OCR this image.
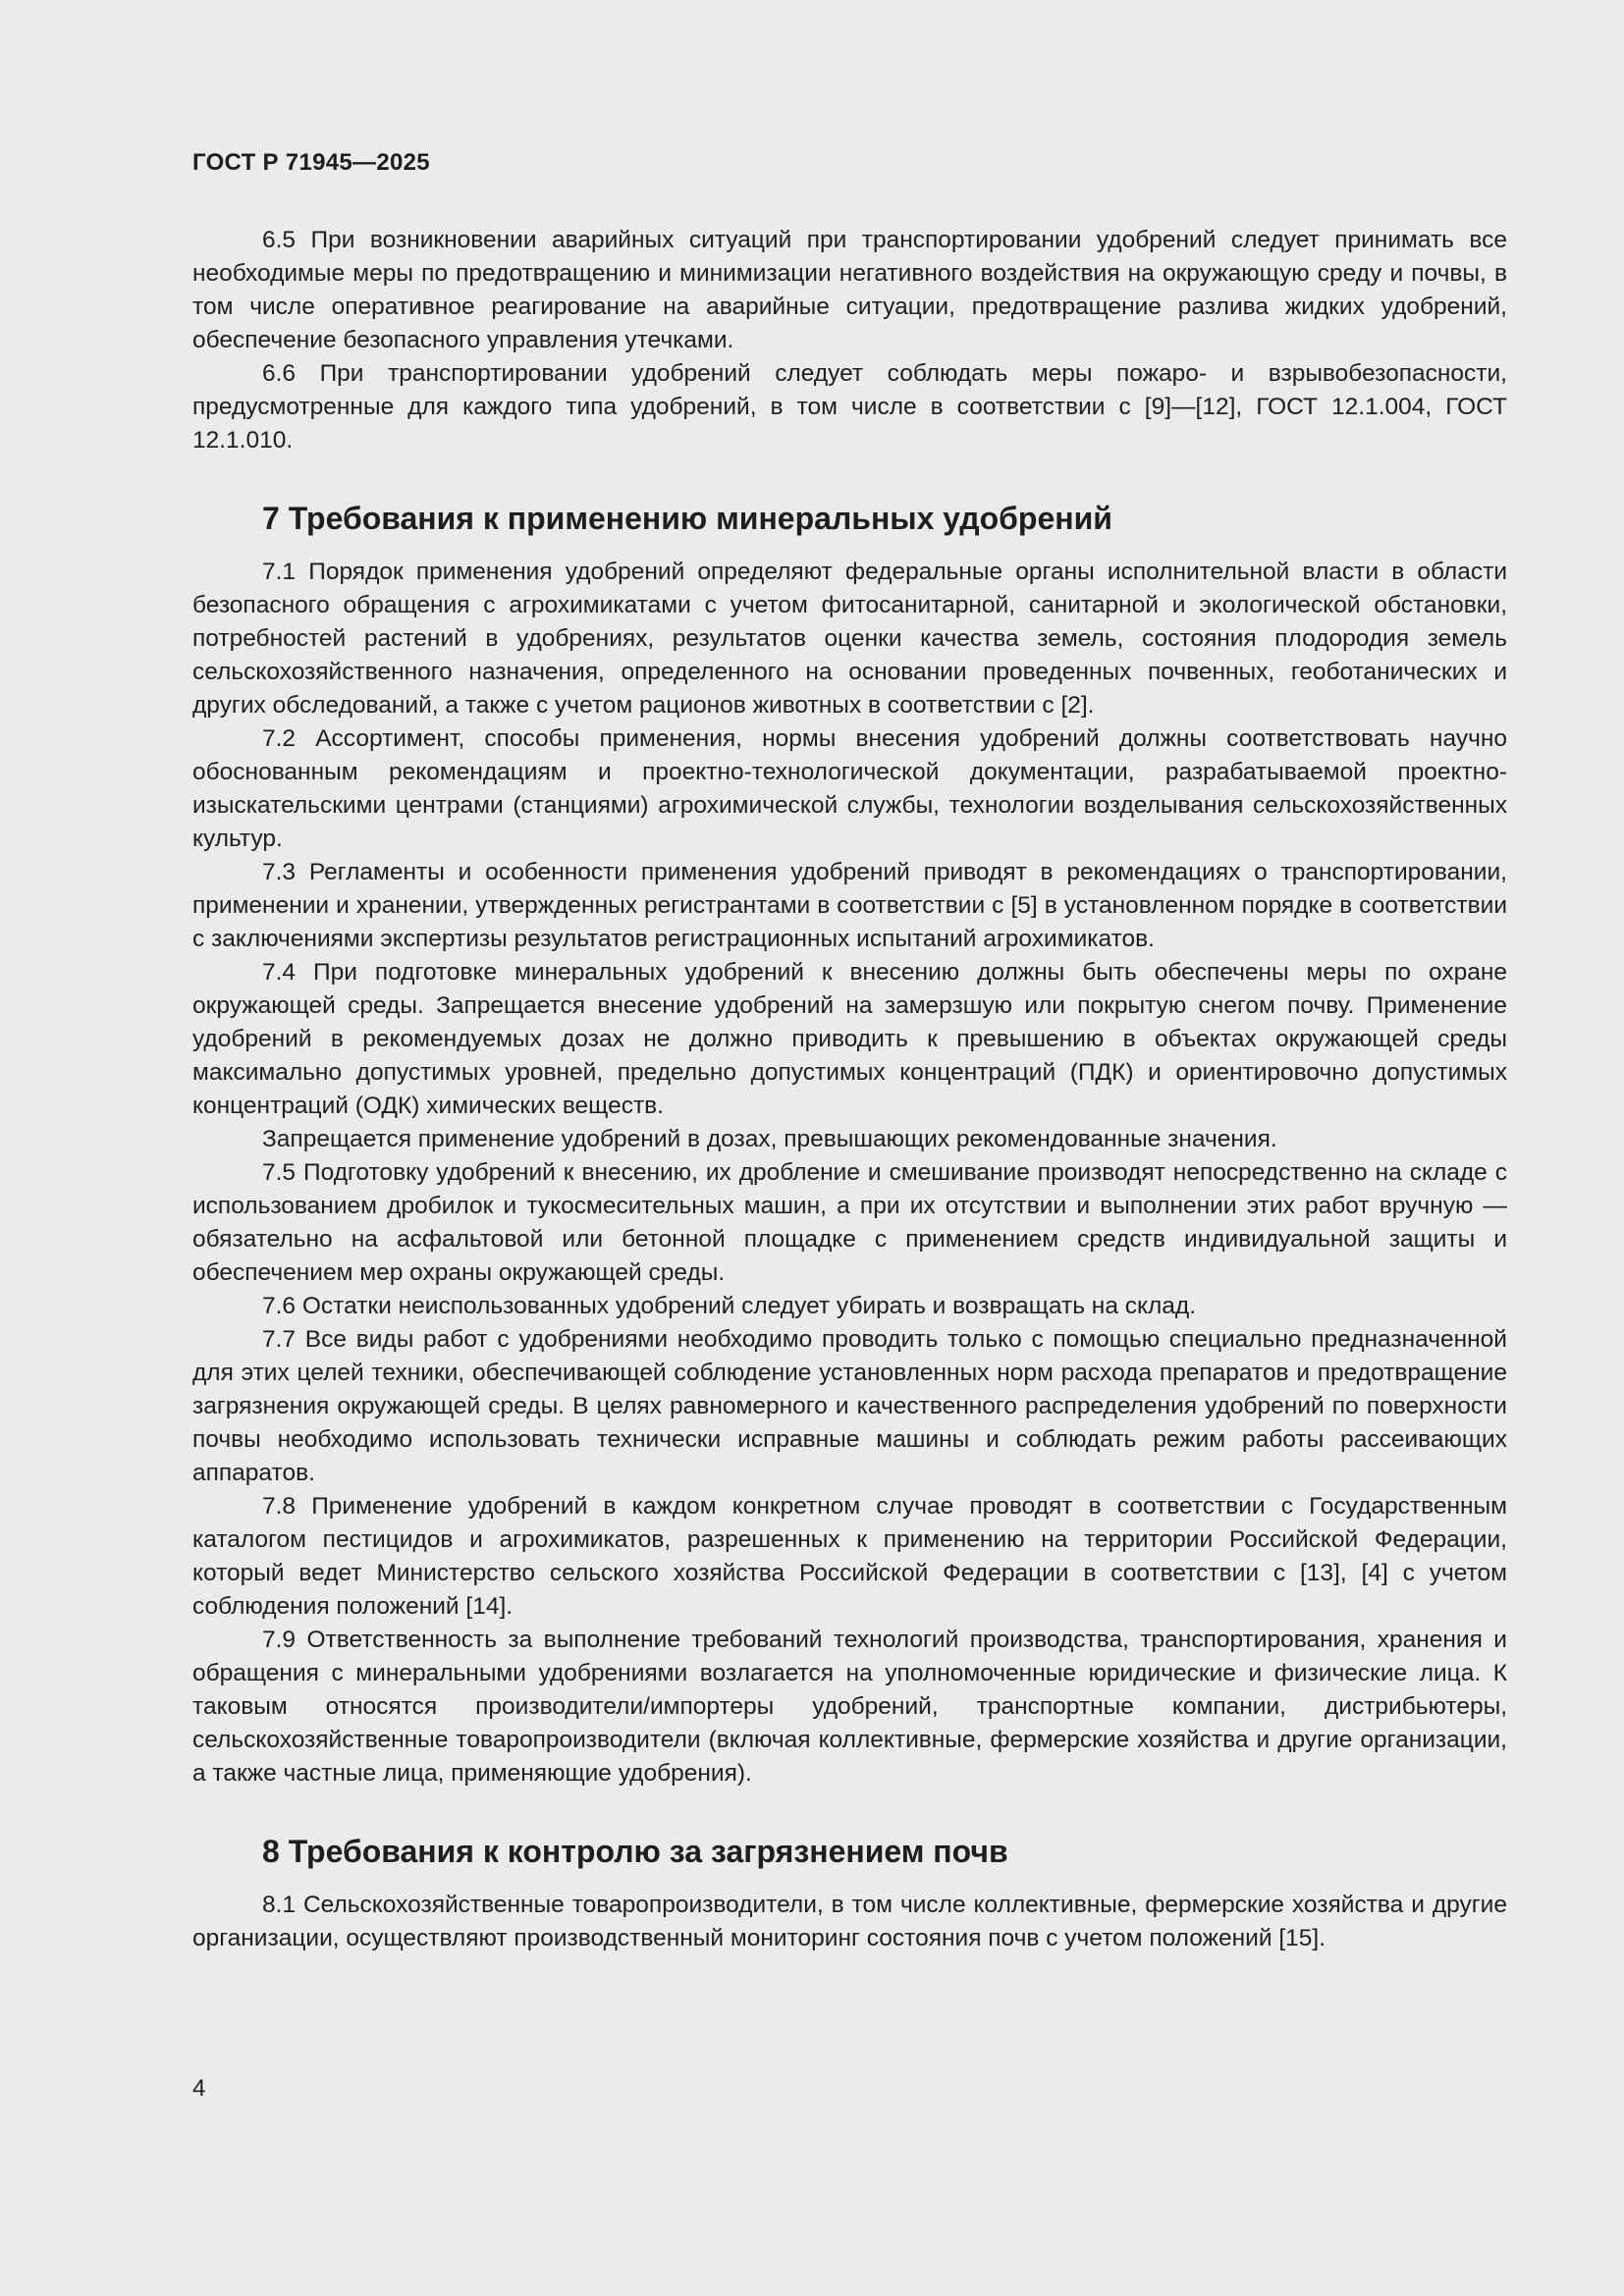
ГОСТ Р 71945—2025

6.5 При возникновении аварийных ситуаций при транспортировании удобрений следует принимать все необходимые меры по предотвращению и минимизации негативного воздействия на окружающую среду и почвы, в том числе оперативное реагирование на аварийные ситуации, предотвращение разлива жидких удобрений, обеспечение безопасного управления утечками.

6.6 При транспортировании удобрений следует соблюдать меры пожаро- и взрывобезопасности, предусмотренные для каждого типа удобрений, в том числе в соответствии с [9]—[12], ГОСТ 12.1.004, ГОСТ 12.1.010.

7 Требования к применению минеральных удобрений

7.1 Порядок применения удобрений определяют федеральные органы исполнительной власти в области безопасного обращения с агрохимикатами с учетом фитосанитарной, санитарной и экологической обстановки, потребностей растений в удобрениях, результатов оценки качества земель, состояния плодородия земель сельскохозяйственного назначения, определенного на основании проведенных почвенных, геоботанических и других обследований, а также с учетом рационов животных в соответствии с [2].

7.2 Ассортимент, способы применения, нормы внесения удобрений должны соответствовать научно обоснованным рекомендациям и проектно-технологической документации, разрабатываемой проектно-изыскательскими центрами (станциями) агрохимической службы, технологии возделывания сельскохозяйственных культур.

7.3 Регламенты и особенности применения удобрений приводят в рекомендациях о транспортировании, применении и хранении, утвержденных регистрантами в соответствии с [5] в установленном порядке в соответствии с заключениями экспертизы результатов регистрационных испытаний агрохимикатов.

7.4 При подготовке минеральных удобрений к внесению должны быть обеспечены меры по охране окружающей среды. Запрещается внесение удобрений на замерзшую или покрытую снегом почву. Применение удобрений в рекомендуемых дозах не должно приводить к превышению в объектах окружающей среды максимально допустимых уровней, предельно допустимых концентраций (ПДК) и ориентировочно допустимых концентраций (ОДК) химических веществ.

Запрещается применение удобрений в дозах, превышающих рекомендованные значения.

7.5 Подготовку удобрений к внесению, их дробление и смешивание производят непосредственно на складе с использованием дробилок и тукосмесительных машин, а при их отсутствии и выполнении этих работ вручную — обязательно на асфальтовой или бетонной площадке с применением средств индивидуальной защиты и обеспечением мер охраны окружающей среды.

7.6 Остатки неиспользованных удобрений следует убирать и возвращать на склад.

7.7 Все виды работ с удобрениями необходимо проводить только с помощью специально предназначенной для этих целей техники, обеспечивающей соблюдение установленных норм расхода препаратов и предотвращение загрязнения окружающей среды. В целях равномерного и качественного распределения удобрений по поверхности почвы необходимо использовать технически исправные машины и соблюдать режим работы рассеивающих аппаратов.

7.8 Применение удобрений в каждом конкретном случае проводят в соответствии с Государственным каталогом пестицидов и агрохимикатов, разрешенных к применению на территории Российской Федерации, который ведет Министерство сельского хозяйства Российской Федерации в соответствии с [13], [4] с учетом соблюдения положений [14].

7.9 Ответственность за выполнение требований технологий производства, транспортирования, хранения и обращения с минеральными удобрениями возлагается на уполномоченные юридические и физические лица. К таковым относятся производители/импортеры удобрений, транспортные компании, дистрибьютеры, сельскохозяйственные товаропроизводители (включая коллективные, фермерские хозяйства и другие организации, а также частные лица, применяющие удобрения).

8 Требования к контролю за загрязнением почв

8.1 Сельскохозяйственные товаропроизводители, в том числе коллективные, фермерские хозяйства и другие организации, осуществляют производственный мониторинг состояния почв с учетом положений [15].

4
